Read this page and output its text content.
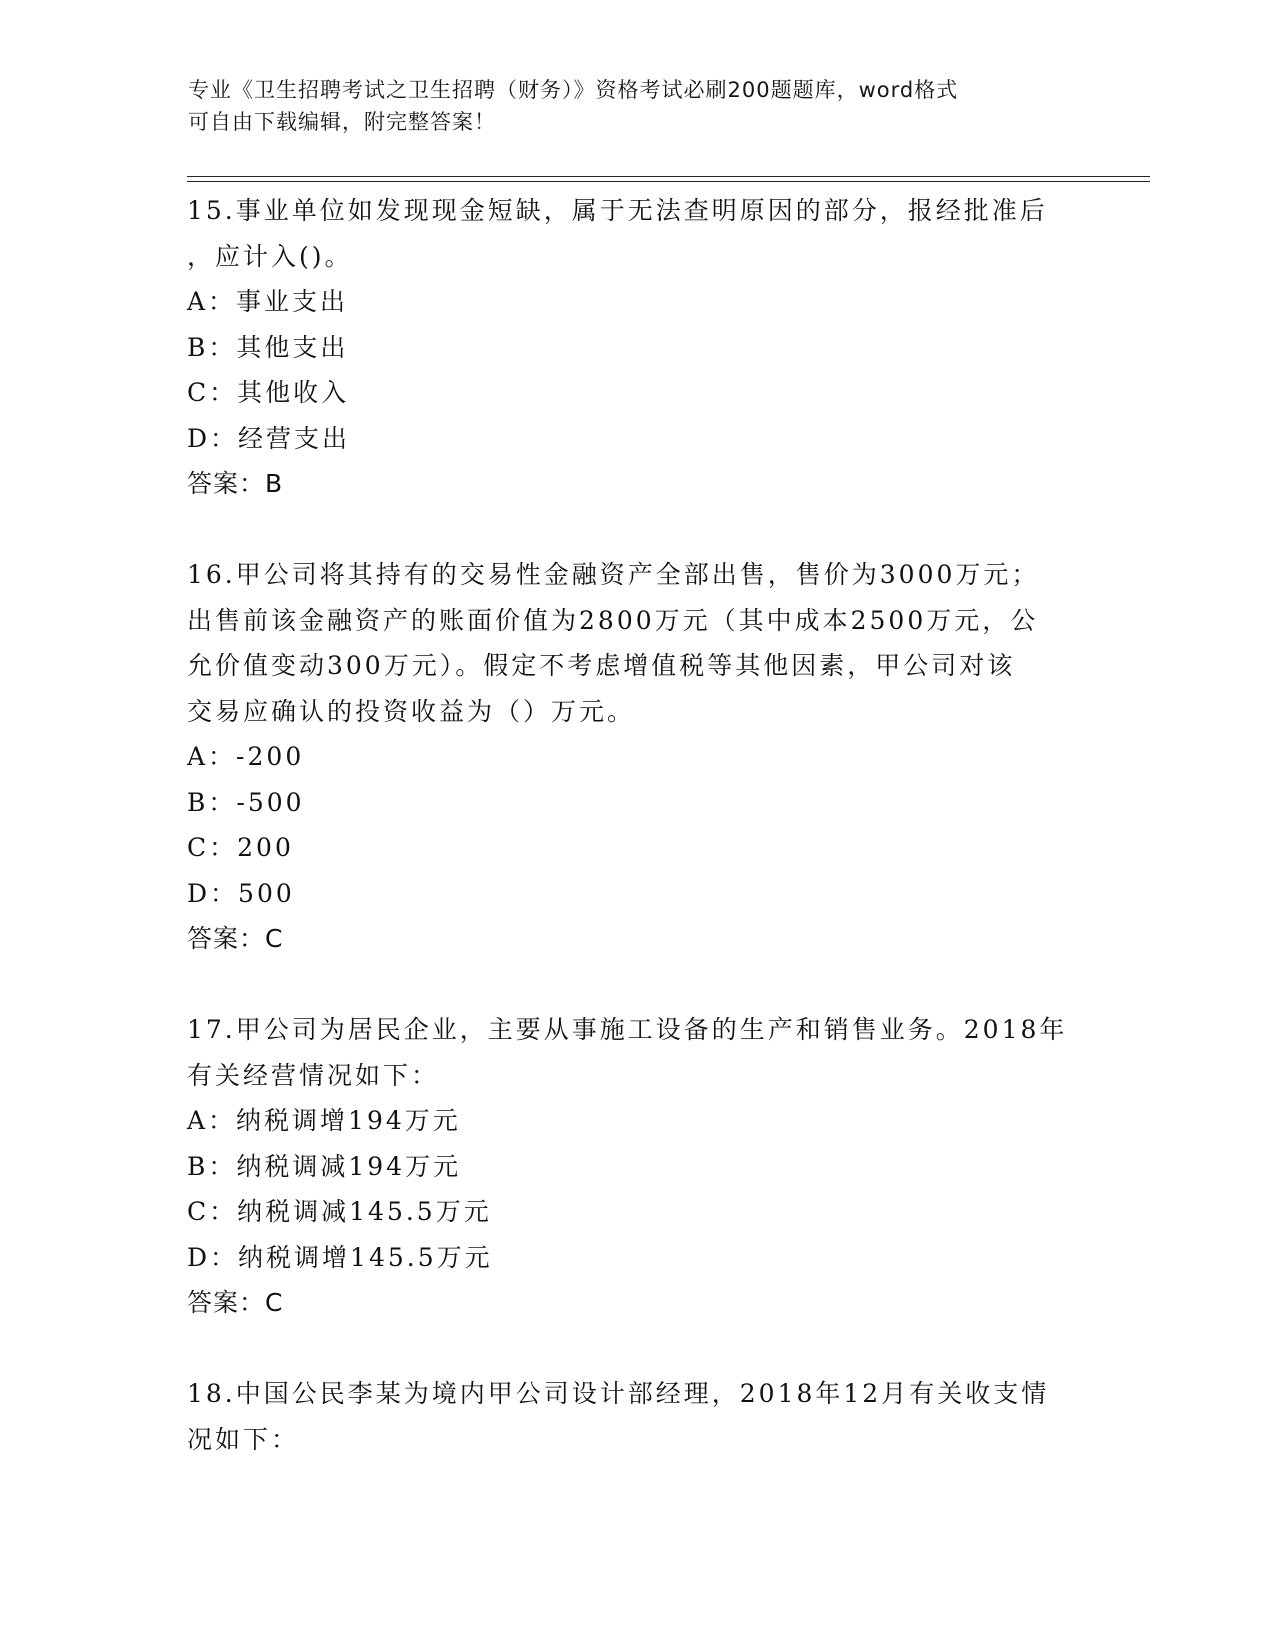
专业《卫生招聘考试之卫生招聘（财务）》资格考试必刷200题题库，word格式
可自由下载编辑，附完整答案！
15.事业单位如发现现金短缺，属于无法查明原因的部分，报经批准后
，应计入()。
A：事业支出
B：其他支出
C：其他收入
D：经营支出
答案：B
16.甲公司将其持有的交易性金融资产全部出售，售价为3000万元；
出售前该金融资产的账面价值为2800万元（其中成本2500万元，公
允价值变动300万元）。假定不考虑增值税等其他因素，甲公司对该
交易应确认的投资收益为（）万元。
A：-200
B：-500
C：200
D：500
答案：C
17.甲公司为居民企业，主要从事施工设备的生产和销售业务。2018年
有关经营情况如下：
A：纳税调增194万元
B：纳税调减194万元
C：纳税调减145.5万元
D：纳税调增145.5万元
答案：C
18.中国公民李某为境内甲公司设计部经理，2018年12月有关收支情
况如下：
